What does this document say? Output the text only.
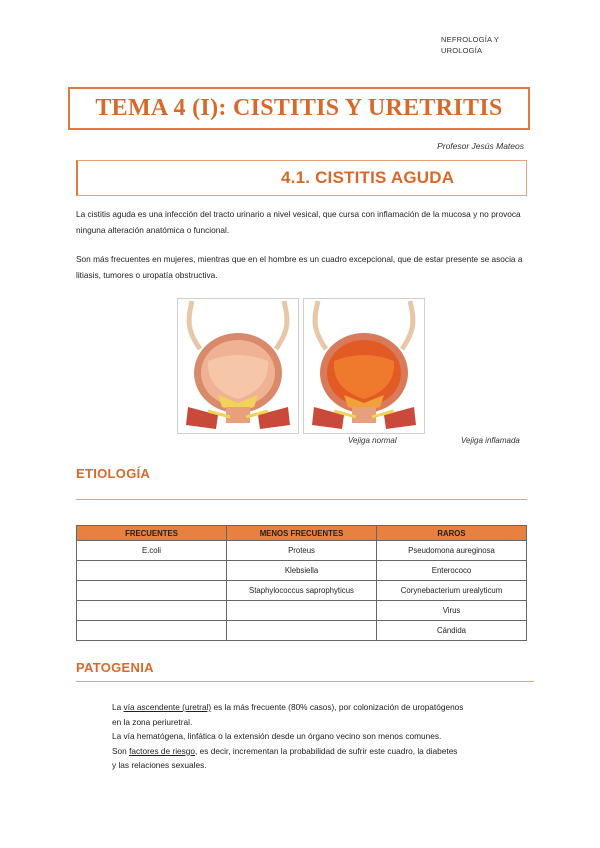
NEFROLOGÍA Y
UROLOGÍA
TEMA 4 (I): CISTITIS Y URETRITIS
Profesor Jesús Mateos
4.1. CISTITIS AGUDA
La cistitis aguda es una infección del tracto urinario a nivel vesical, que cursa con inflamación de la mucosa y no provoca ninguna alteración anatómica o funcional.
Son más frecuentes en mujeres, mientras que en el hombre es un cuadro excepcional, que de estar presente se asocia a litiasis, tumores o uropatía obstructiva.
Vejiga normal	Vejiga inflamada
ETIOLOGÍA
FRECUENTES	MENOS FRECUENTES	RAROS
E.coli	Proteus	Pseudomona aureginosa
	Klebsiella	Enterococo
	Staphylococcus saprophyticus	Corynebacterium urealyticum
		Virus
		Cándida
PATOGENIA
La vía ascendente (uretral) es la más frecuente (80% casos), por colonización de uropatógenos
en la zona periuretral.
La vía hematógena, linfática o la extensión desde un órgano vecino son menos comunes.
Son factores de riesgo, es decir, incrementan la probabilidad de sufrir este cuadro, la diabetes
y las relaciones sexuales.
